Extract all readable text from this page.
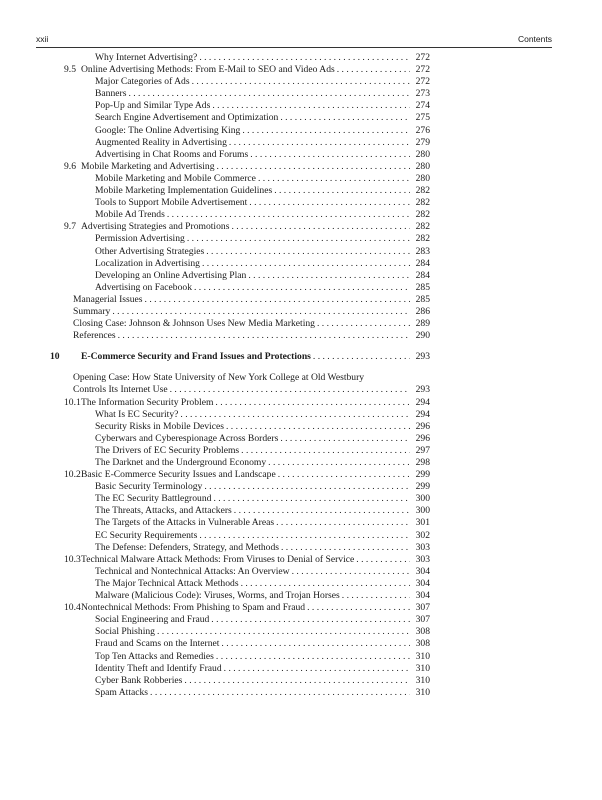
xxii	Contents
Why Internet Advertising? . . .	272
9.5 Online Advertising Methods: From E-Mail to SEO and Video Ads . . .	272
Major Categories of Ads . . .	272
Banners . . .	273
Pop-Up and Similar Type Ads . . .	274
Search Engine Advertisement and Optimization . . .	275
Google: The Online Advertising King . . .	276
Augmented Reality in Advertising . . .	279
Advertising in Chat Rooms and Forums . . .	280
9.6 Mobile Marketing and Advertising . . .	280
Mobile Marketing and Mobile Commerce . . .	280
Mobile Marketing Implementation Guidelines . . .	282
Tools to Support Mobile Advertisement . . .	282
Mobile Ad Trends . . .	282
9.7 Advertising Strategies and Promotions . . .	282
Permission Advertising . . .	282
Other Advertising Strategies . . .	283
Localization in Advertising . . .	284
Developing an Online Advertising Plan . . .	284
Advertising on Facebook . . .	285
Managerial Issues . . .	285
Summary . . .	286
Closing Case: Johnson & Johnson Uses New Media Marketing . . .	289
References . . .	290
10 E-Commerce Security and Frand Issues and Protections . . .	293
Opening Case: How State University of New York College at Old Westbury
Controls Its Internet Use . . .	293
10.1 The Information Security Problem . . .	294
What Is EC Security? . . .	294
Security Risks in Mobile Devices . . .	296
Cyberwars and Cyberespionage Across Borders . . .	296
The Drivers of EC Security Problems . . .	297
The Darknet and the Underground Economy . . .	298
10.2 Basic E-Commerce Security Issues and Landscape . . .	299
Basic Security Terminology . . .	299
The EC Security Battleground . . .	300
The Threats, Attacks, and Attackers . . .	300
The Targets of the Attacks in Vulnerable Areas . . .	301
EC Security Requirements . . .	302
The Defense: Defenders, Strategy, and Methods . . .	303
10.3 Technical Malware Attack Methods: From Viruses to Denial of Service . . .	303
Technical and Nontechnical Attacks: An Overview . . .	304
The Major Technical Attack Methods . . .	304
Malware (Malicious Code): Viruses, Worms, and Trojan Horses . . .	304
10.4 Nontechnical Methods: From Phishing to Spam and Fraud . . .	307
Social Engineering and Fraud . . .	307
Social Phishing . . .	308
Fraud and Scams on the Internet . . .	308
Top Ten Attacks and Remedies . . .	310
Identity Theft and Identify Fraud . . .	310
Cyber Bank Robberies . . .	310
Spam Attacks . . .	310
